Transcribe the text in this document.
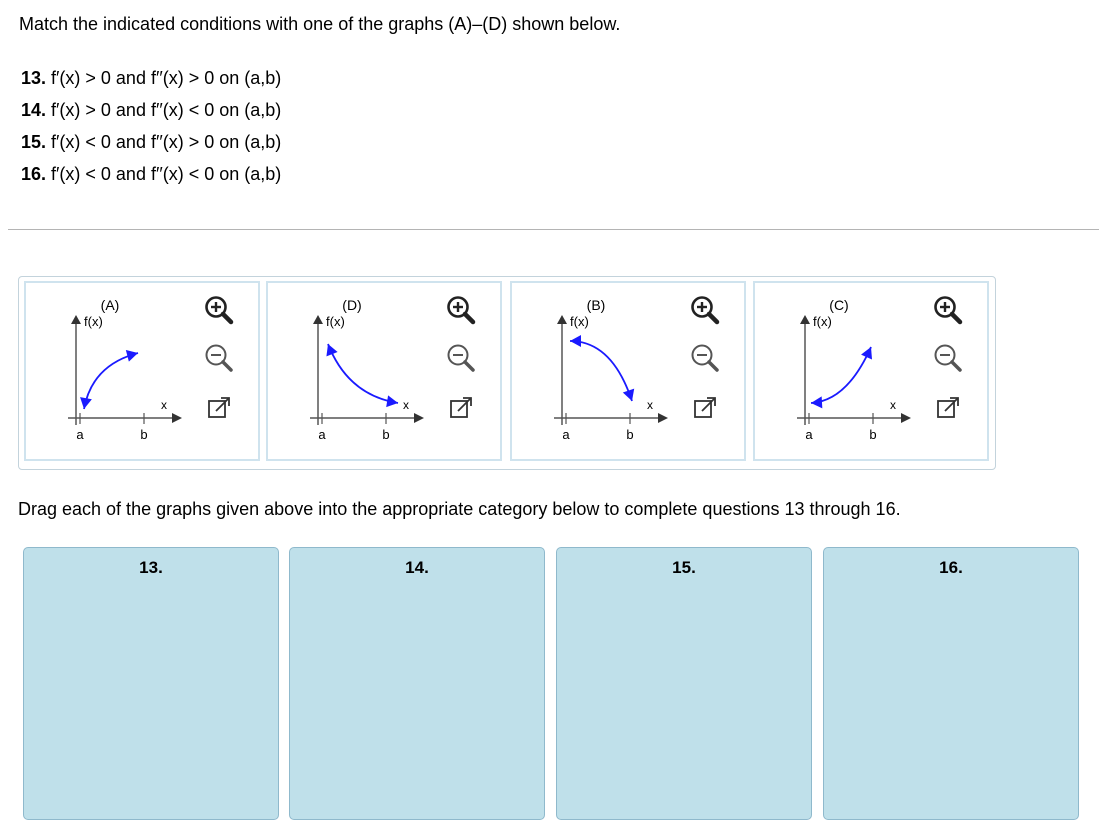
Match the indicated conditions with one of the graphs (A)–(D) shown below.
13. f′(x) > 0 and f′′(x) > 0 on (a,b)
14. f′(x) > 0 and f′′(x) < 0 on (a,b)
15. f′(x) < 0 and f′′(x) > 0 on (a,b)
16. f′(x) < 0 and f′′(x) < 0 on (a,b)
(A)
f(x)
x
a	b
(D)
f(x)
x
a	b
(B)
f(x)
x
a	b
(C)
f(x)
x
a	b
Drag each of the graphs given above into the appropriate category below to complete questions 13 through 16.
13.	14.	15.	16.
